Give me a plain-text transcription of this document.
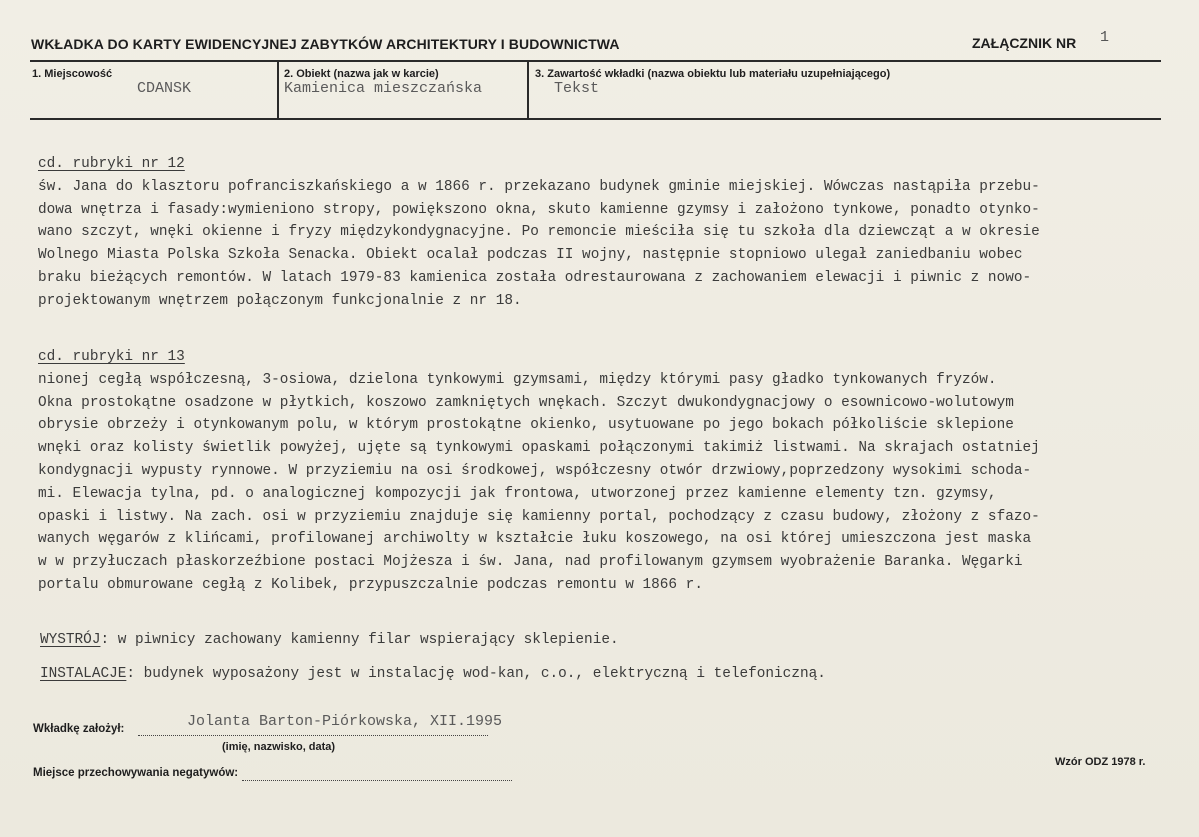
WKŁADKA DO KARTY EWIDENCYJNEJ ZABYTKÓW ARCHITEKTURY I BUDOWNICTWA	ZAŁĄCZNIK NR 1
1. Miejscowość
CDANSK
2. Obiekt (nazwa jak w karcie)
Kamienica mieszczańska
3. Zawartość wkładki (nazwa obiektu lub materiału uzupełniającego)
Tekst
cd. rubryki nr 12
św. Jana do klasztoru pofranciszkańskiego a w 1866 r. przekazano budynek gminie miejskiej. Wówczas nastąpiła przebu-
dowa wnętrza i fasady:wymieniono stropy, powiększono okna, skuto kamienne gzymsy i założono tynkowe, ponadto otynko-
wano szczyt, wnęki okienne i fryzy międzykondygnacyjne. Po remoncie mieściła się tu szkoła dla dziewcząt a w okresie
Wolnego Miasta Polska Szkoła Senacka. Obiekt ocalał podczas II wojny, następnie stopniowo ulegał zaniedbaniu wobec
braku bieżących remontów. W latach 1979-83 kamienica została odrestaurowana z zachowaniem elewacji i piwnic z nowo-
projektowanym wnętrzem połączonym funkcjonalnie z nr 18.
cd. rubryki nr 13
nionej cegłą współczesną, 3-osiowa, dzielona tynkowymi gzymsami, między którymi pasy gładko tynkowanych fryzów.
Okna prostokątne osadzone w płytkich, koszowo zamkniętych wnękach. Szczyt dwukondygnacjowy o esownicowo-wolutowym
obrysie obrzeży i otynkowanym polu, w którym prostokątne okienko, usytuowane po jego bokach półkoliście sklepione
wnęki oraz kolisty świetlik powyżej, ujęte są tynkowymi opaskami połączonymi takimiż listwami. Na skrajach ostatniej
kondygnacji wypusty rynnowe. W przyziemiu na osi środkowej, współczesny otwór drzwiowy,poprzedzony wysokimi schoda-
mi. Elewacja tylna, pd. o analogicznej kompozycji jak frontowa, utworzonej przez kamienne elementy tzn. gzymsy,
opaski i listwy. Na zach. osi w przyziemiu znajduje się kamienny portal, pochodzący z czasu budowy, złożony z sfazo-
wanych węgarów z klińcami, profilowanej archiwolty w kształcie łuku koszowego, na osi której umieszczona jest maska
w w przyłuczach płaskorzeźbione postaci Mojżesza i św. Jana, nad profilowanym gzymsem wyobrażenie Baranka. Węgarki
portalu obmurowane cegłą z Kolibek, przypuszczalnie podczas remontu w 1866 r.
WYSTRÓJ: w piwnicy zachowany kamienny filar wspierający sklepienie.
INSTALACJE: budynek wyposażony jest w instalację wod-kan, c.o., elektryczną i telefoniczną.
Wkładkę założył:	Jolanta Barton-Piórkowska, XII.1995
(imię, nazwisko, data)
Miejsce przechowywania negatywów:
Wzór ODZ 1978 r.
